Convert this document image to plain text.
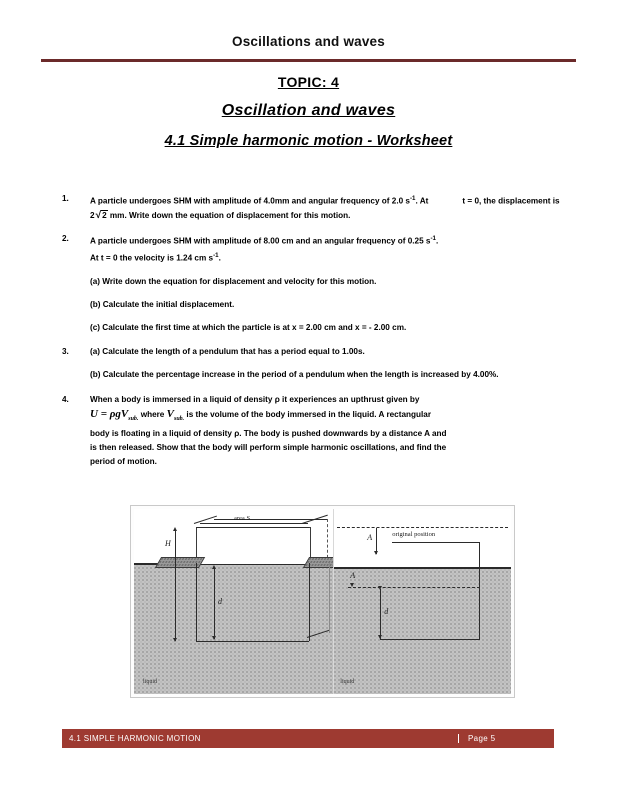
Oscillations and waves
TOPIC: 4
Oscillation and waves
4.1 Simple harmonic motion - Worksheet
1.	A particle undergoes SHM with amplitude of 4.0mm and angular frequency of 2.0 $s^{-1}$. At	t = 0, the displacement is 2√2 mm. Write down the equation of displacement for this motion.
2.	A particle undergoes SHM with amplitude of 8.00 cm and an angular frequency of 0.25 $s^{-1}$.
At t = 0 the velocity is 1.24 cm $s^{-1}$.
(a) Write down the equation for displacement and velocity for this motion.
(b) Calculate the initial displacement.
(c) Calculate the first time at which the particle is at x = 2.00 cm and x = - 2.00 cm.
3.	(a) Calculate the length of a pendulum that has a period equal to 1.00s.
(b) Calculate the percentage increase in the period of a pendulum when the length is increased by 4.00%.
4.	When a body is immersed in a liquid of density ρ it experiences an upthrust given by
U = ρgV$_{sub.}$ where $V_{sub.}$ is the volume of the body immersed in the liquid. A rectangular
body is floating in a liquid of density ρ. The body is pushed downwards by a distance A and
is then released. Show that the body will perform simple harmonic oscillations, and find the
period of motion.
area S
H
d
liquid
original position
A
A
d
liquid
4.1 SIMPLE HARMONIC MOTION	Page 5
